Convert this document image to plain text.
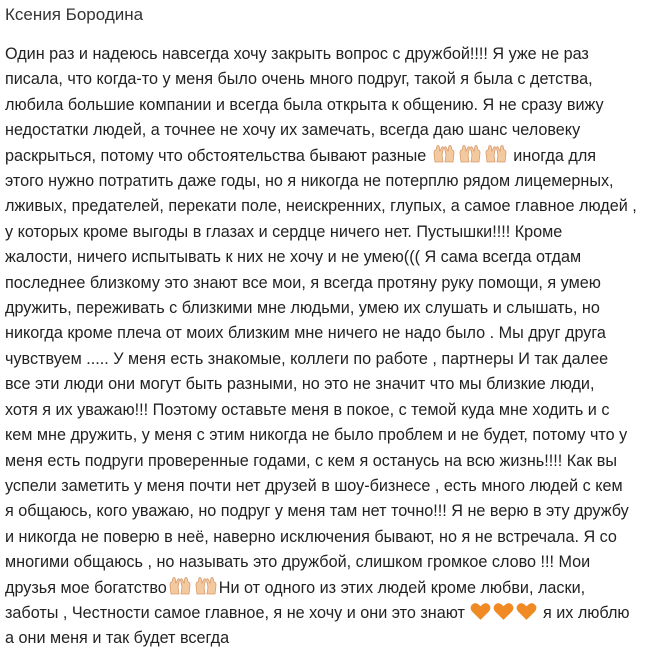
Ксения Бородина
Один раз и надеюсь навсегда хочу закрыть вопрос с дружбой!!!! Я уже не раз
писала, что когда-то у меня было очень много подруг, такой я была с детства,
любила большие компании и всегда была открыта к общению. Я не сразу вижу
недостатки людей, а точнее не хочу их замечать, всегда даю шанс человеку
раскрыться, потому что обстоятельства бывают разные	иногда для
этого нужно потратить даже годы, но я никогда не потерплю рядом лицемерных,
лживых, предателей, перекати поле, неискренних, глупых, а самое главное людей ,
у которых кроме выгоды в глазах и сердце ничего нет. Пустышки!!!! Кроме
жалости, ничего испытывать к них не хочу и не умею((( Я сама всегда отдам
последнее близкому это знают все мои, я всегда протяну руку помощи, я умею
дружить, переживать с близкими мне людьми, умею их слушать и слышать, но
никогда кроме плеча от моих близким мне ничего не надо было . Мы друг друга
чувствуем ..... У меня есть знакомые, коллеги по работе , партнеры И так далее
все эти люди они могут быть разными, но это не значит что мы близкие люди,
хотя я их уважаю!!! Поэтому оставьте меня в покое, с темой куда мне ходить и с
кем мне дружить, у меня с этим никогда не было проблем и не будет, потому что у
меня есть подруги проверенные годами, с кем я останусь на всю жизнь!!!! Как вы
успели заметить у меня почти нет друзей в шоу-бизнесе , есть много людей с кем
я общаюсь, кого уважаю, но подруг у меня там нет точно!!! Я не верю в эту дружбу
и никогда не поверю в неё, наверно исключения бывают, но я не встречала. Я со
многими общаюсь , но называть это дружбой, слишком громкое слово !!! Мои
друзья мое богатство	Ни от одного из этих людей кроме любви, ласки,
заботы , Честности самое главное, я не хочу и они это знают	я их люблю
а они меня и так будет всегда
